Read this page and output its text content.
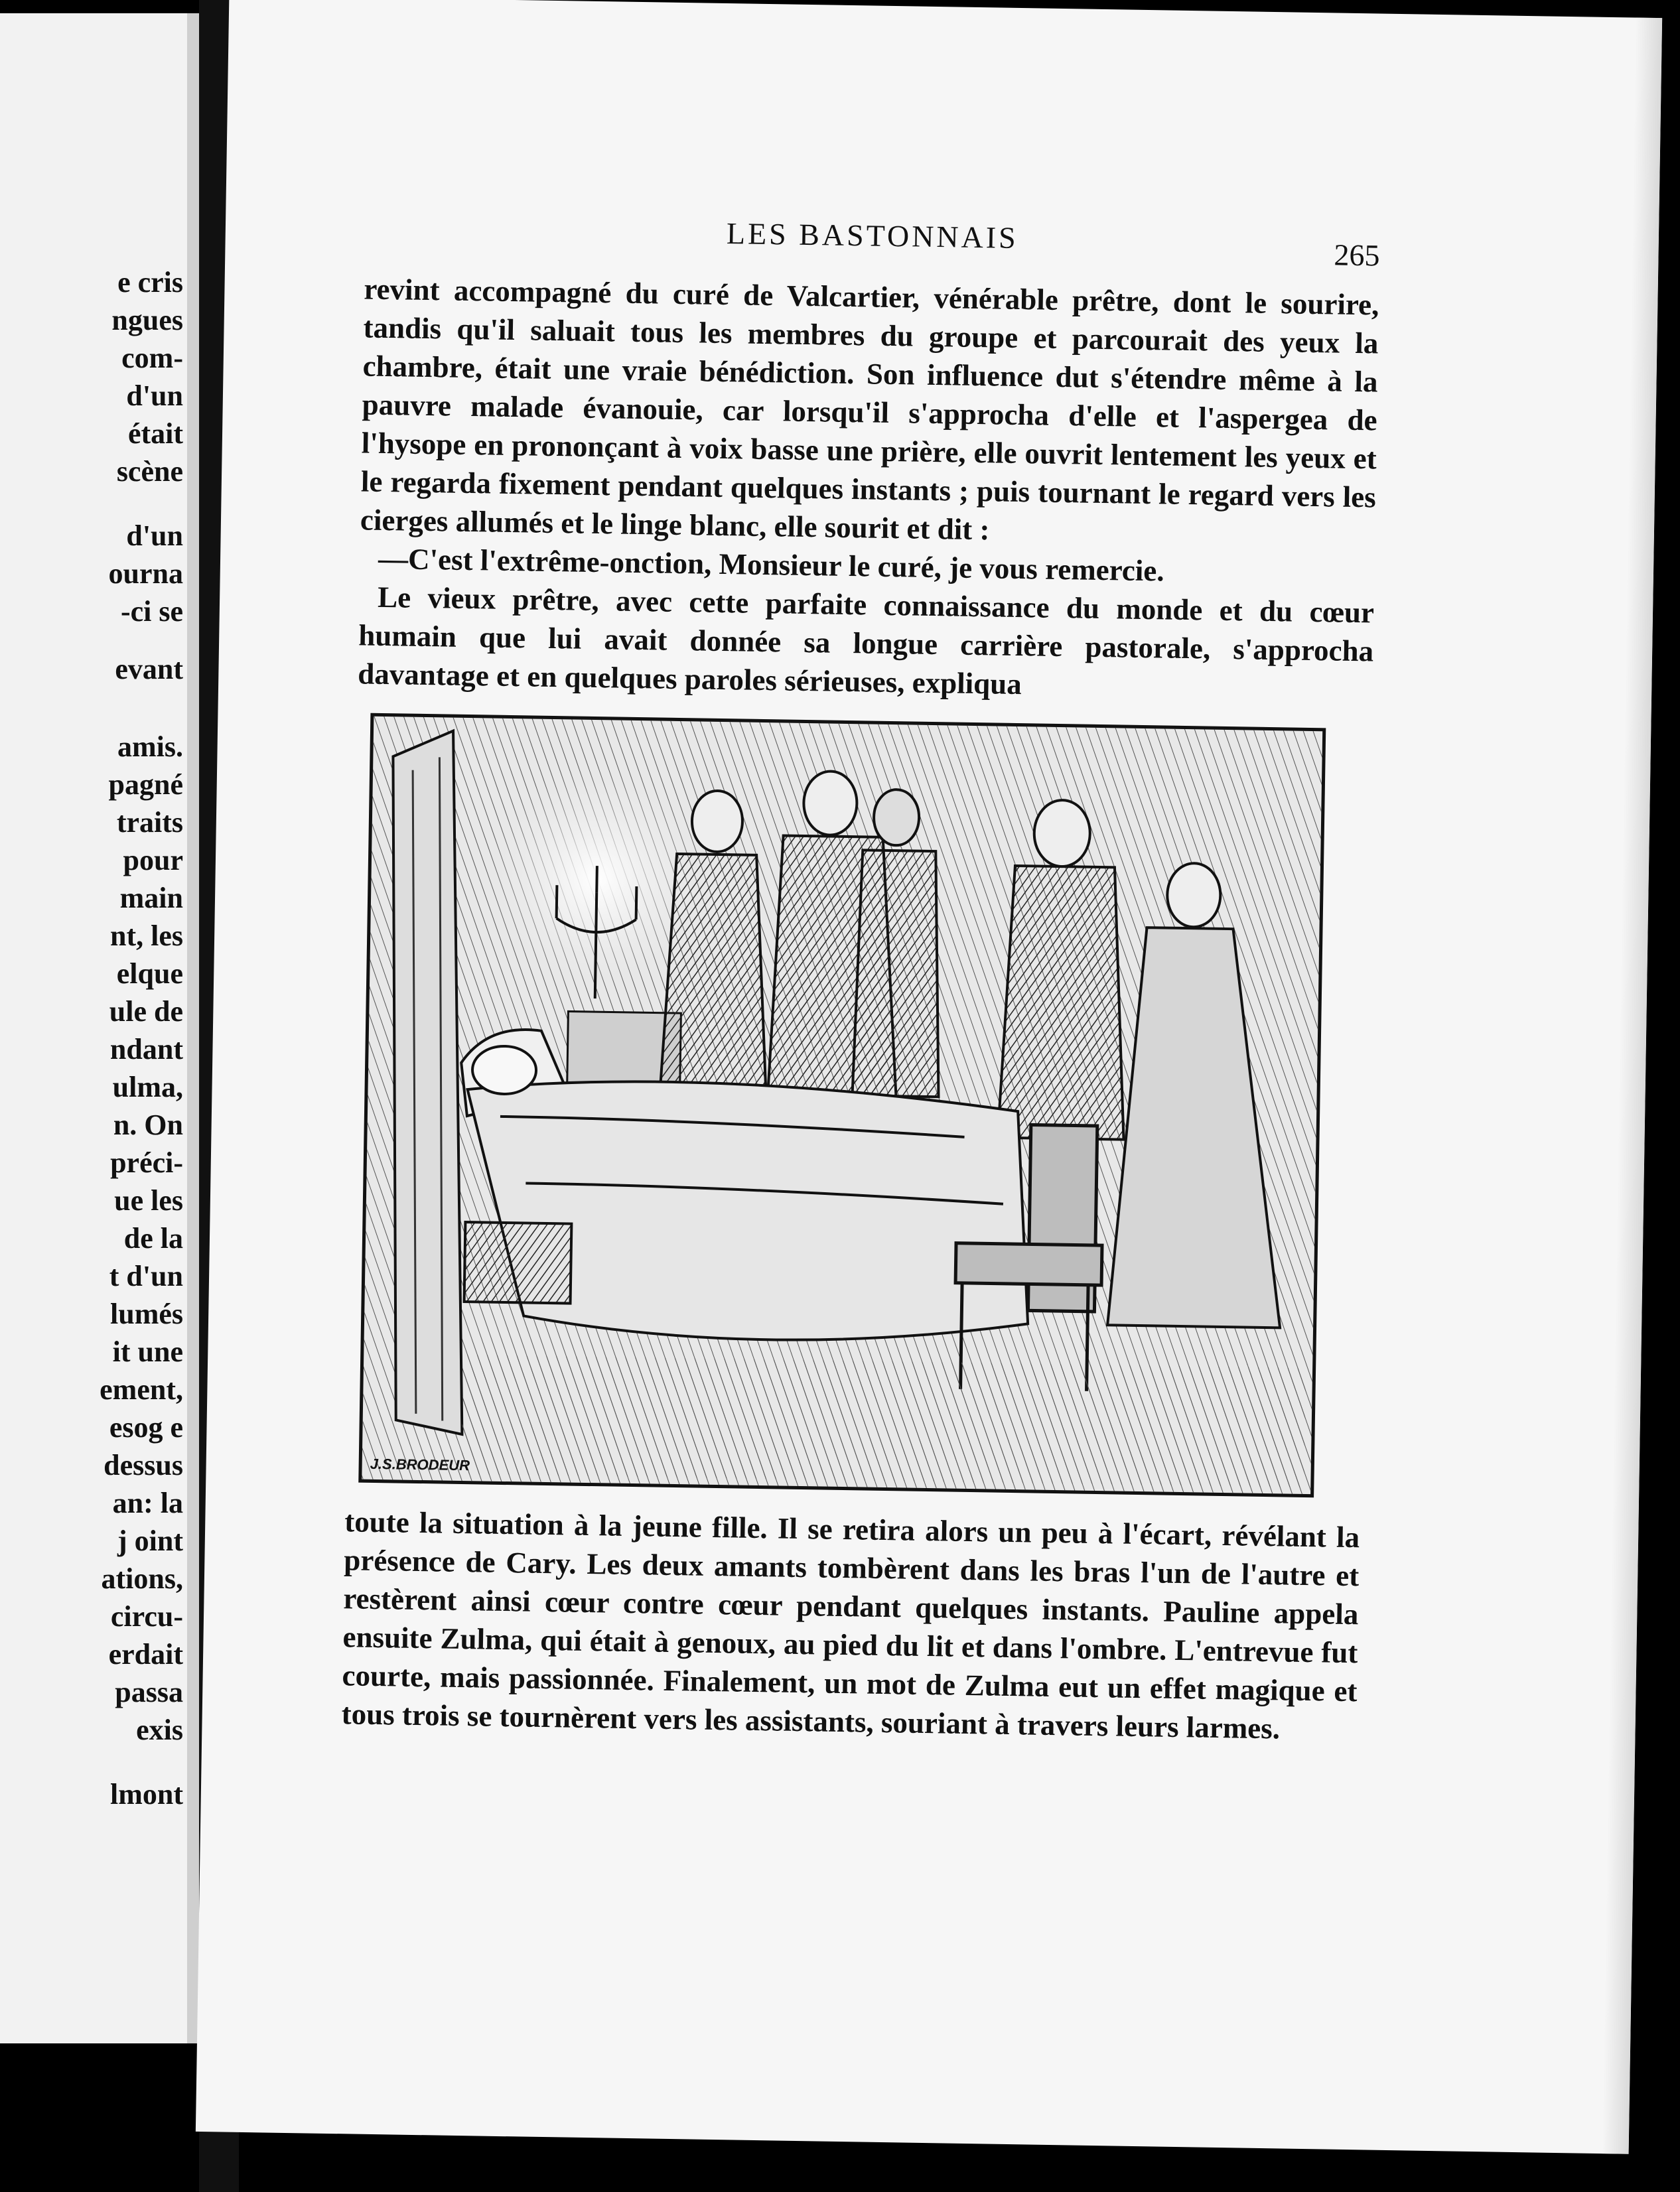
e cris
ngues
com-
d'un
était
scène
d'un
ourna
-ci se
evant
amis.
pagné
traits
pour
main
nt, les
elque
ule de
ndant
ulma,
n. On
préci-
ue les
de la
t d'un
lumés
it une
ement,
esog e
dessus
an: la
j oint
ations,
circu-
erdait
passa
exis
lmont
LES BASTONNAIS
265

revint accompagné du curé de Valcartier, vénérable prêtre, dont le sourire, tandis qu'il saluait tous les membres du groupe et parcourait des yeux la chambre, était une vraie bénédiction. Son influence dut s'étendre même à la pauvre malade évanouie, car lorsqu'il s'approcha d'elle et l'aspergea de l'hysope en prononçant à voix basse une prière, elle ouvrit lentement les yeux et le regarda fixement pendant quelques instants ; puis tournant le regard vers les cierges allumés et le linge blanc, elle sourit et dit :

—C'est l'extrême-onction, Monsieur le curé, je vous remercie.

Le vieux prêtre, avec cette parfaite connaissance du monde et du cœur humain que lui avait donnée sa longue carrière pastorale, s'approcha davantage et en quelques paroles sérieuses, expliqua

J.S.BRODEUR

toute la situation à la jeune fille. Il se retira alors un peu à l'écart, révélant la présence de Cary. Les deux amants tombèrent dans les bras l'un de l'autre et restèrent ainsi cœur contre cœur pendant quelques instants. Pauline appela ensuite Zulma, qui était à genoux, au pied du lit et dans l'ombre. L'entrevue fut courte, mais passionnée. Finalement, un mot de Zulma eut un effet magique et tous trois se tournèrent vers les assistants, souriant à travers leurs larmes.
